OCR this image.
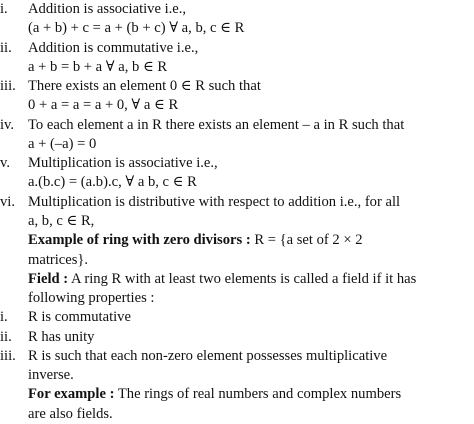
i.	Addition is associative i.e.,
(a + b) + c = a + (b + c) ∀ a, b, c ∈ R
ii.	Addition is commutative i.e.,
a + b = b + a ∀ a, b ∈ R
iii. There exists an element 0 ∈ R such that
0 + a = a = a + 0, ∀ a ∈ R
iv. To each element a in R there exists an element – a in R such that
a + (–a) = 0
v.	Multiplication is associative i.e.,
a.(b.c) = (a.b).c, ∀ a b, c ∈ R
vi. Multiplication is distributive with respect to addition i.e., for all
a, b, c ∈ R,
Example of ring with zero divisors : R = {a set of 2 × 2
matrices}.
Field : A ring R with at least two elements is called a field if it has
following properties :
i.	R is commutative
ii.	R has unity
iii. R is such that each non-zero element possesses multiplicative
inverse.
For example : The rings of real numbers and complex numbers
are also fields.
